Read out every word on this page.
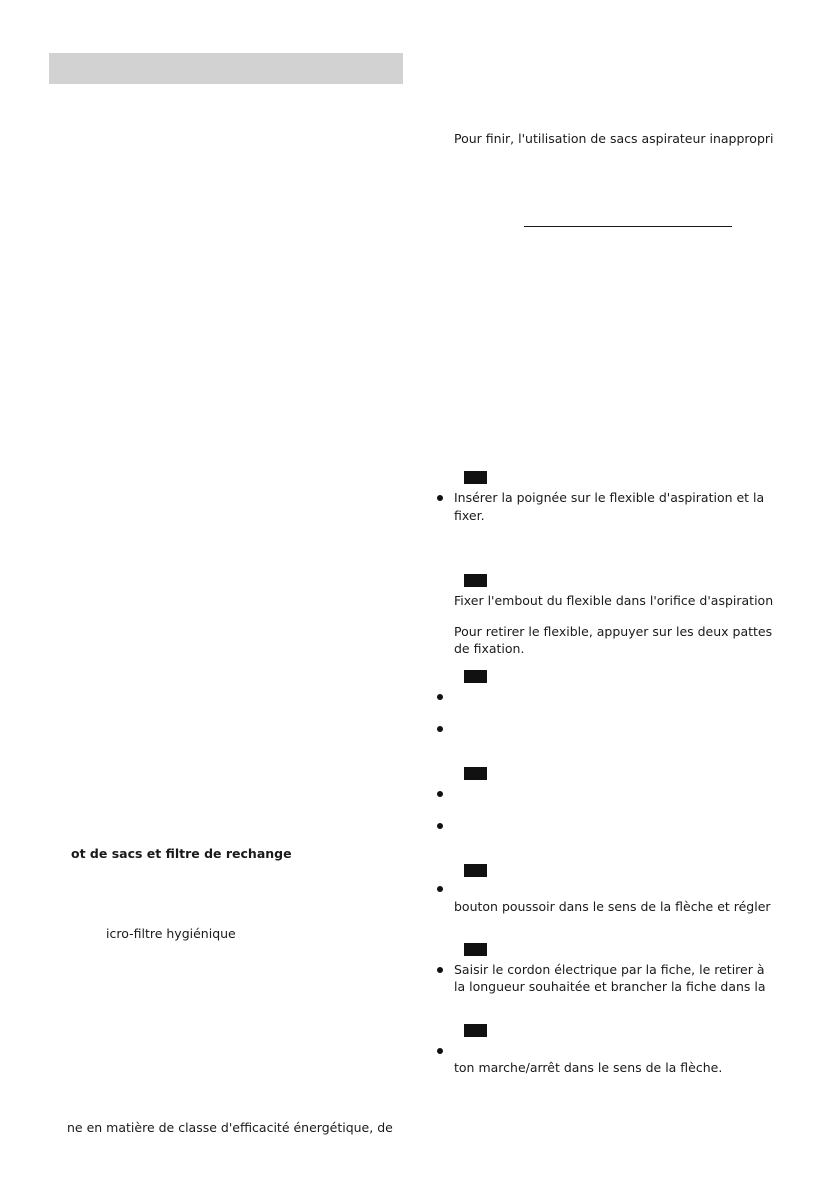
ot de sacs et filtre de rechange
icro-filtre hygiénique
ne en matière de classe d'efficacité énergétique, de
Pour finir, l'utilisation de sacs aspirateur inappropri
Insérer la poignée sur le flexible d'aspiration et la
fixer.
Fixer l'embout du flexible dans l'orifice d'aspiration
Pour retirer le flexible, appuyer sur les deux pattes
de fixation.
bouton poussoir dans le sens de la flèche et régler
Saisir le cordon électrique par la fiche, le retirer à
la longueur souhaitée et brancher la fiche dans la
ton marche/arrêt dans le sens de la flèche.
